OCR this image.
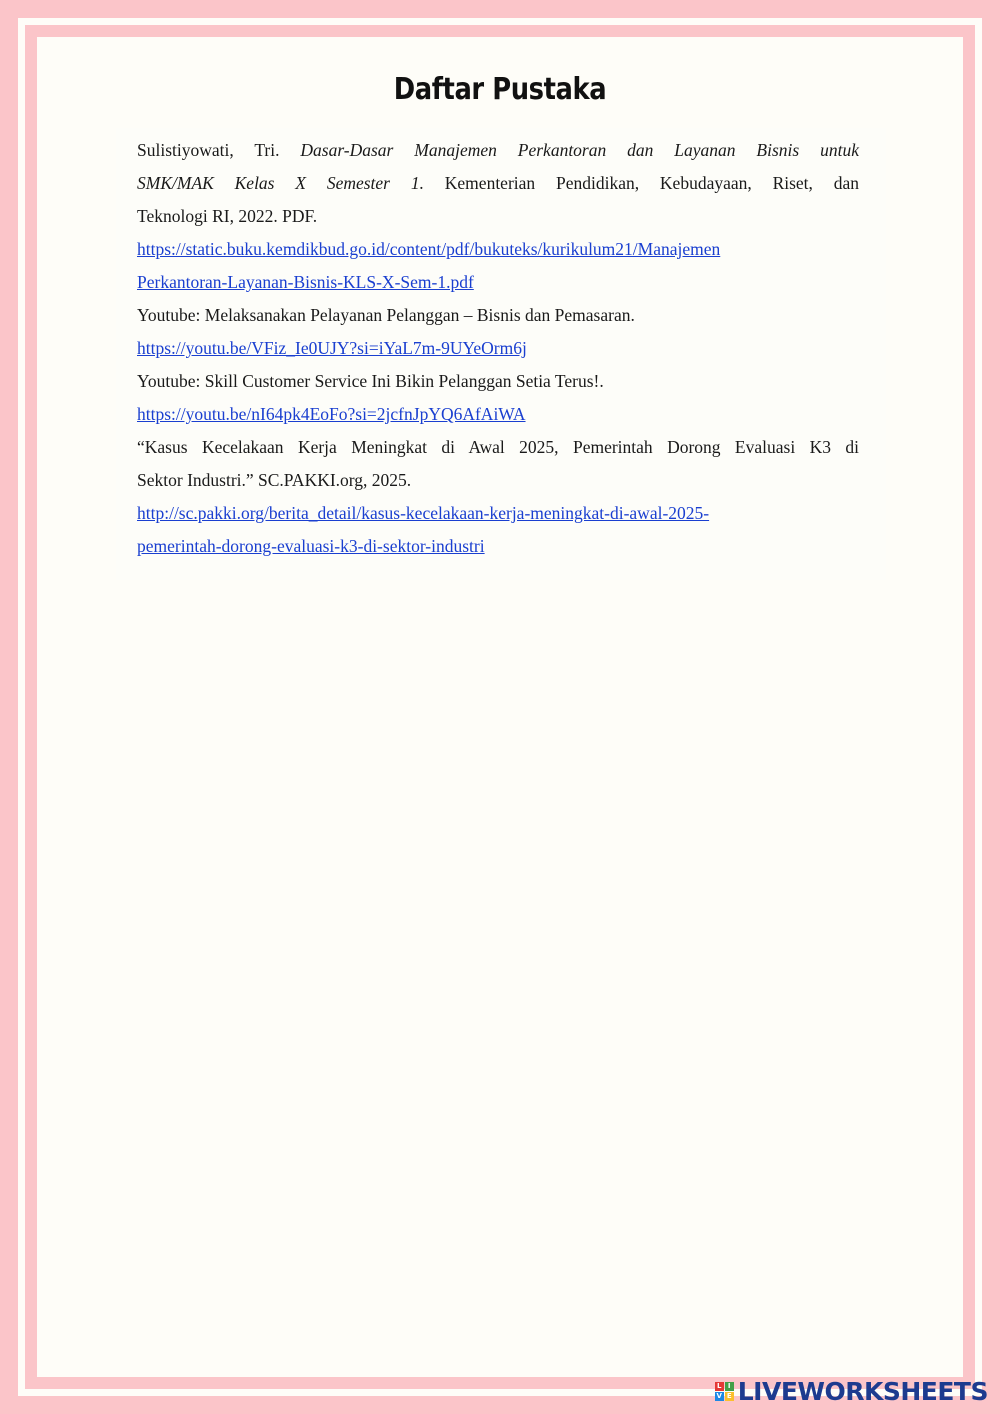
Daftar Pustaka
Sulistiyowati, Tri. Dasar-Dasar Manajemen Perkantoran dan Layanan Bisnis untuk
SMK/MAK Kelas X Semester 1. Kementerian Pendidikan, Kebudayaan, Riset, dan
Teknologi RI, 2022. PDF.
https://static.buku.kemdikbud.go.id/content/pdf/bukuteks/kurikulum21/Manajemen
Perkantoran-Layanan-Bisnis-KLS-X-Sem-1.pdf
Youtube: Melaksanakan Pelayanan Pelanggan – Bisnis dan Pemasaran.
https://youtu.be/VFiz_Ie0UJY?si=iYaL7m-9UYeOrm6j
Youtube: Skill Customer Service Ini Bikin Pelanggan Setia Terus!.
https://youtu.be/nI64pk4EoFo?si=2jcfnJpYQ6AfAiWA
“Kasus Kecelakaan Kerja Meningkat di Awal 2025, Pemerintah Dorong Evaluasi K3 di
Sektor Industri.” SC.PAKKI.org, 2025.
http://sc.pakki.org/berita_detail/kasus-kecelakaan-kerja-meningkat-di-awal-2025-
pemerintah-dorong-evaluasi-k3-di-sektor-industri
L I
V E LIVEWORKSHEETS
